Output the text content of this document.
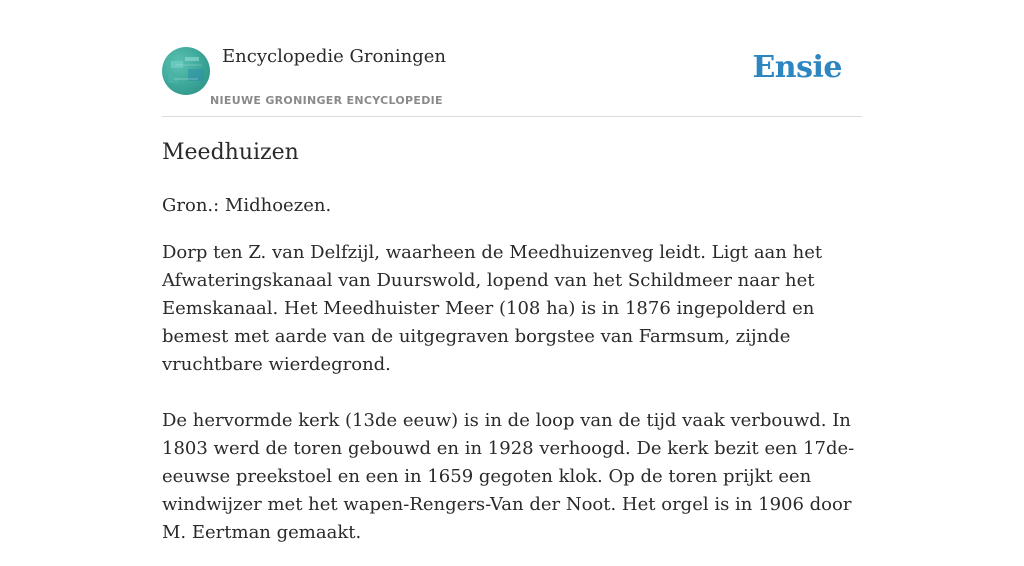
Encyclopedie Groningen
NIEUWE GRONINGER ENCYCLOPEDIE
Ensie
Meedhuizen

Gron.: Midhoezen.

Dorp ten Z. van Delfzijl, waarheen de Meedhuizenveg leidt. Ligt aan het Afwateringskanaal van Duurswold, lopend van het Schildmeer naar het Eemskanaal. Het Meedhuister Meer (108 ha) is in 1876 ingepolderd en bemest met aarde van de uitgegraven borgstee van Farmsum, zijnde vruchtbare wierdegrond.

De hervormde kerk (13de eeuw) is in de loop van de tijd vaak verbouwd. In 1803 werd de toren gebouwd en in 1928 verhoogd. De kerk bezit een 17de-eeuwse preekstoel en een in 1659 gegoten klok. Op de toren prijkt een windwijzer met het wapen-Rengers-Van der Noot. Het orgel is in 1906 door M. Eertman gemaakt.
